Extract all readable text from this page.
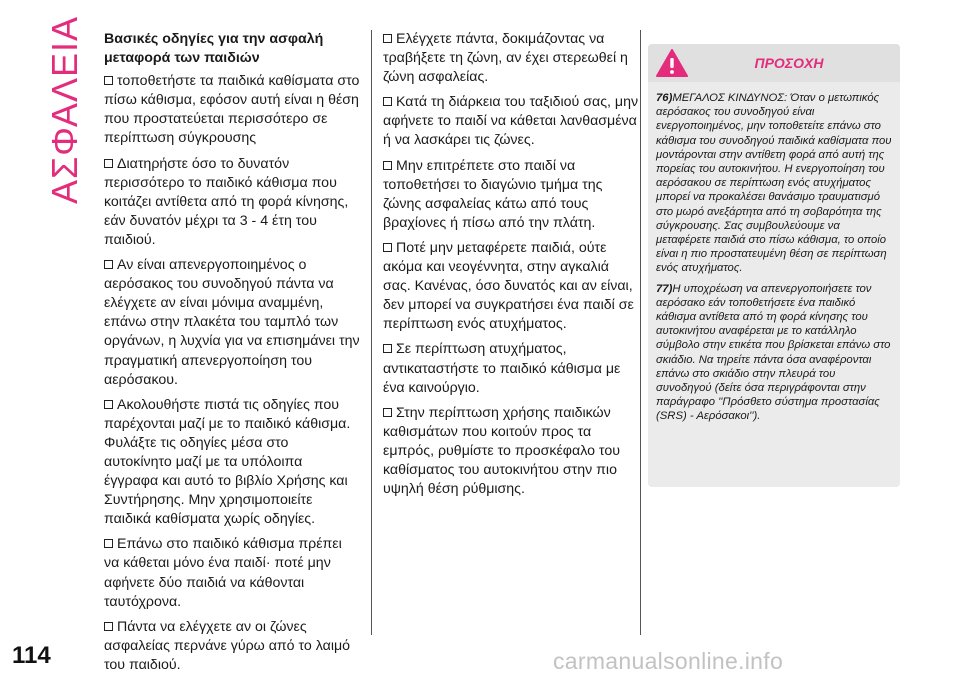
ΑΣΦΑΛΕΙΑ Βασικές οδηγίες για την ασφαλή μεταφορά των παιδιών

τοποθετήστε τα παιδικά καθίσματα στο πίσω κάθισμα, εφόσον αυτή είναι η θέση που προστατεύεται περισσότερο σε περίπτωση σύγκρουσης

Διατηρήστε όσο το δυνατόν περισσότερο το παιδικό κάθισμα που κοιτάζει αντίθετα από τη φορά κίνησης, εάν δυνατόν μέχρι τα 3 - 4 έτη του παιδιού.

Αν είναι απενεργοποιημένος ο αερόσακος του συνοδηγού πάντα να ελέγχετε αν είναι μόνιμα αναμμένη, επάνω στην πλακέτα του ταμπλό των οργάνων, η λυχνία για να επισημάνει την πραγματική απενεργοποίηση του αερόσακου.

Ακολουθήστε πιστά τις οδηγίες που παρέχονται μαζί με το παιδικό κάθισμα. Φυλάξτε τις οδηγίες μέσα στο αυτοκίνητο μαζί με τα υπόλοιπα έγγραφα και αυτό το βιβλίο Χρήσης και Συντήρησης. Μην χρησιμοποιείτε παιδικά καθίσματα χωρίς οδηγίες.

Επάνω στο παιδικό κάθισμα πρέπει να κάθεται μόνο ένα παιδί· ποτέ μην αφήνετε δύο παιδιά να κάθονται ταυτόχρονα.

Πάντα να ελέγχετε αν οι ζώνες ασφαλείας περνάνε γύρω από το λαιμό του παιδιού.

Ελέγχετε πάντα, δοκιμάζοντας να τραβήξετε τη ζώνη, αν έχει στερεωθεί η ζώνη ασφαλείας.

Κατά τη διάρκεια του ταξιδιού σας, μην αφήνετε το παιδί να κάθεται λανθασμένα ή να λασκάρει τις ζώνες.

Μην επιτρέπετε στο παιδί να τοποθετήσει το διαγώνιο τμήμα της ζώνης ασφαλείας κάτω από τους βραχίονες ή πίσω από την πλάτη.

Ποτέ μην μεταφέρετε παιδιά, ούτε ακόμα και νεογέννητα, στην αγκαλιά σας. Κανένας, όσο δυνατός και αν είναι, δεν μπορεί να συγκρατήσει ένα παιδί σε περίπτωση ενός ατυχήματος.

Σε περίπτωση ατυχήματος, αντικαταστήστε το παιδικό κάθισμα με ένα καινούργιο.

Στην περίπτωση χρήσης παιδικών καθισμάτων που κοιτούν προς τα εμπρός, ρυθμίστε το προσκέφαλο του καθίσματος του αυτοκινήτου στην πιο υψηλή θέση ρύθμισης.

ΠΡΟΣΟΧΗ

76)ΜΕΓΑΛΟΣ ΚΙΝΔΥΝΟΣ: Όταν ο μετωπικός αερόσακος του συνοδηγού είναι ενεργοποιημένος, μην τοποθετείτε επάνω στο κάθισμα του συνοδηγού παιδικά καθίσματα που μοντάρονται στην αντίθετη φορά από αυτή της πορείας του αυτοκινήτου. Η ενεργοποίηση του αερόσακου σε περίπτωση ενός ατυχήματος μπορεί να προκαλέσει θανάσιμο τραυματισμό στο μωρό ανεξάρτητα από τη σοβαρότητα της σύγκρουσης. Σας συμβουλεύουμε να μεταφέρετε παιδιά στο πίσω κάθισμα, το οποίο είναι η πιο προστατευμένη θέση σε περίπτωση ενός ατυχήματος.

77)Η υποχρέωση να απενεργοποιήσετε τον αερόσακο εάν τοποθετήσετε ένα παιδικό κάθισμα αντίθετα από τη φορά κίνησης του αυτοκινήτου αναφέρεται με το κατάλληλο σύμβολο στην ετικέτα που βρίσκεται επάνω στο σκιάδιο. Να τηρείτε πάντα όσα αναφέρονται επάνω στο σκιάδιο στην πλευρά του συνοδηγού (δείτε όσα περιγράφονται στην παράγραφο ''Πρόσθετο σύστημα προστασίας (SRS) - Αερόσακοι'').

114	carmanualsonline.info
